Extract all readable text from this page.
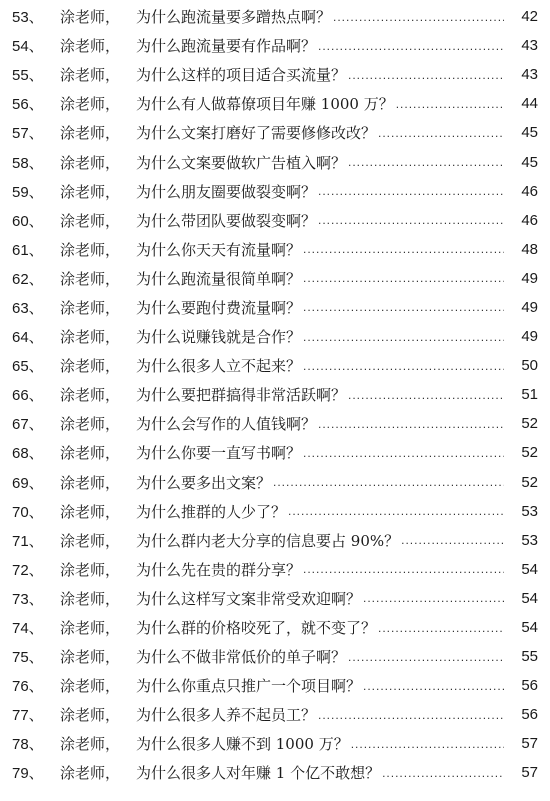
53、	涂老师，	为什么跑流量要多蹭热点啊？ .....	42
54、	涂老师，	为什么跑流量要有作品啊？ .....	43
55、	涂老师，	为什么这样的项目适合买流量？ .....	43
56、	涂老师，	为什么有人做幕僚项目年赚 1000 万？ .....	44
57、	涂老师，	为什么文案打磨好了需要修修改改？ .....	45
58、	涂老师，	为什么文案要做软广告植入啊？ .....	45
59、	涂老师，	为什么朋友圈要做裂变啊？ .....	46
60、	涂老师，	为什么带团队要做裂变啊？ .....	46
61、	涂老师，	为什么你天天有流量啊？ .....	48
62、	涂老师，	为什么跑流量很简单啊？ .....	49
63、	涂老师，	为什么要跑付费流量啊？ .....	49
64、	涂老师，	为什么说赚钱就是合作？ .....	49
65、	涂老师，	为什么很多人立不起来？ .....	50
66、	涂老师，	为什么要把群搞得非常活跃啊？ .....	51
67、	涂老师，	为什么会写作的人值钱啊？ .....	52
68、	涂老师，	为什么你要一直写书啊？ .....	52
69、	涂老师，	为什么要多出文案？ .....	52
70、	涂老师，	为什么推群的人少了？ .....	53
71、	涂老师，	为什么群内老大分享的信息要占 90%？ .....	53
72、	涂老师，	为什么先在贵的群分享？ .....	54
73、	涂老师，	为什么这样写文案非常受欢迎啊？ .....	54
74、	涂老师，	为什么群的价格咬死了，就不变了？ .....	54
75、	涂老师，	为什么不做非常低价的单子啊？ .....	55
76、	涂老师，	为什么你重点只推广一个项目啊？ .....	56
77、	涂老师，	为什么很多人养不起员工？ .....	56
78、	涂老师，	为什么很多人赚不到 1000 万？ .....	57
79、	涂老师，	为什么很多人对年赚 1 个亿不敢想？ .....	57
